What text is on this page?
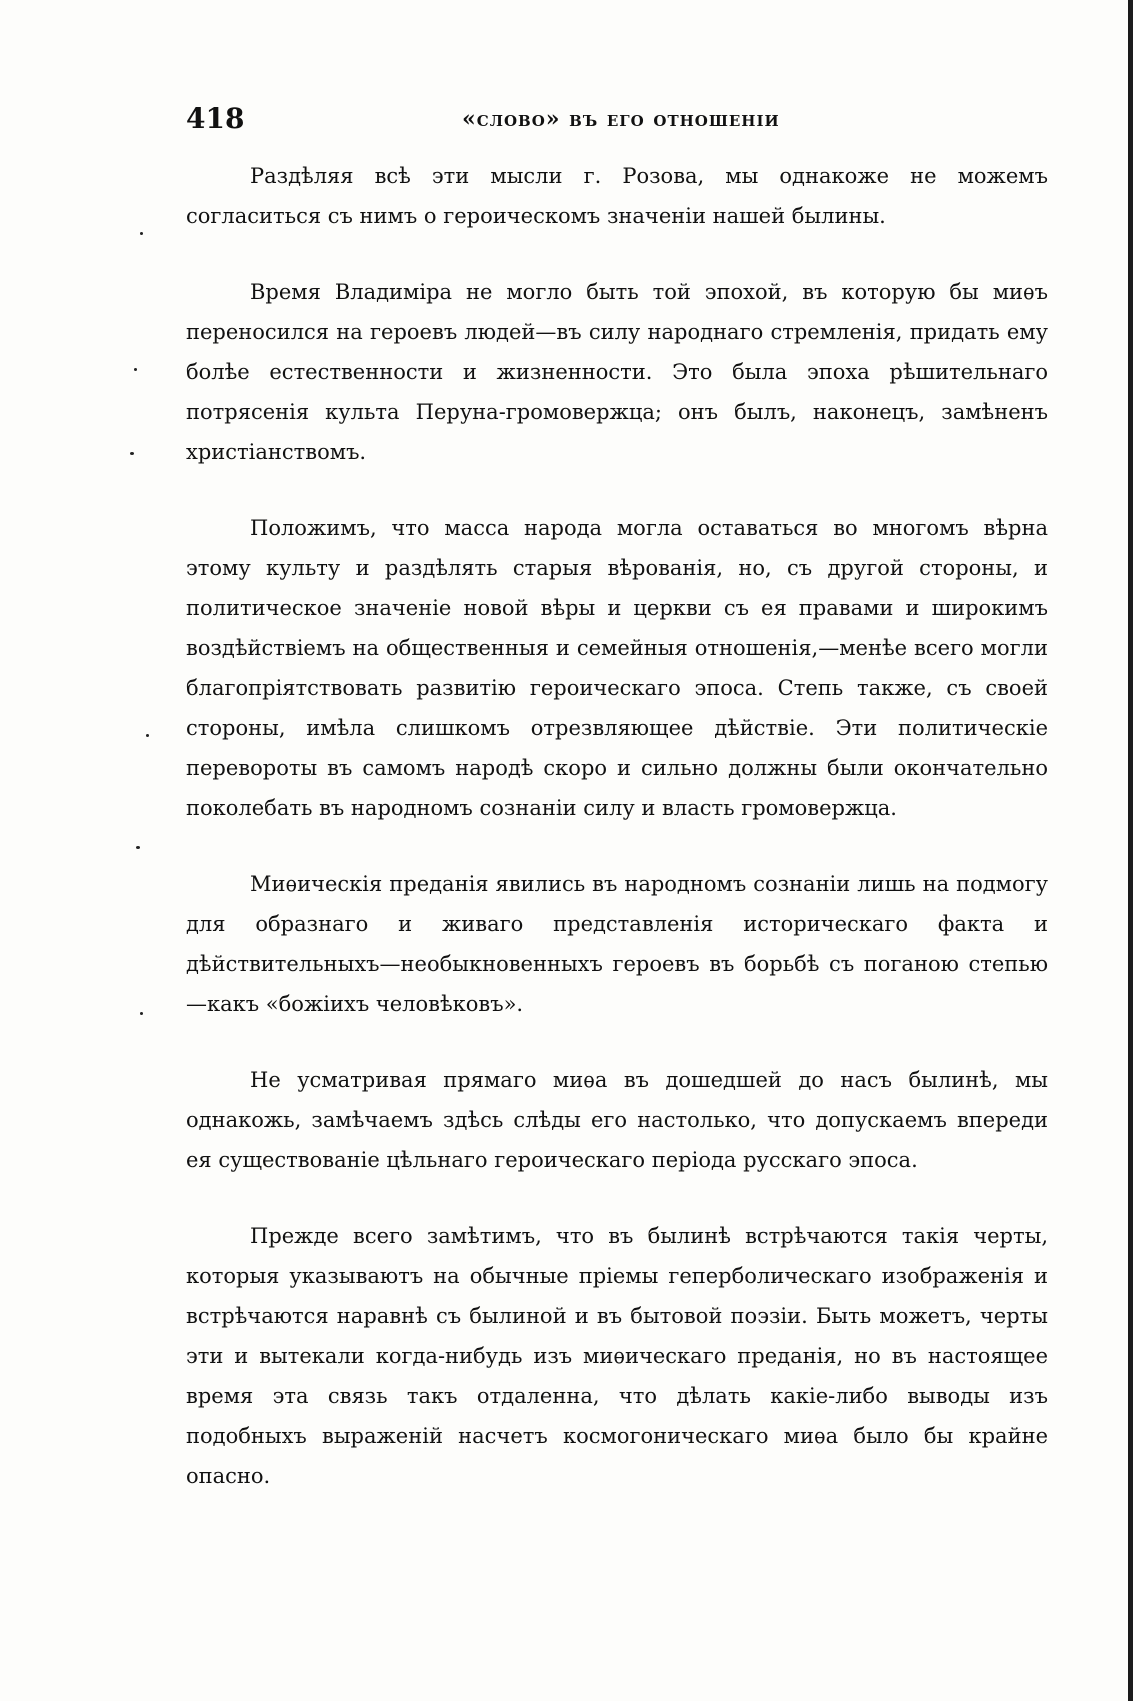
418	«слово» въ его отношеніи

Раздѣляя всѣ эти мысли г. Розова, мы однакоже не можемъ согласиться съ нимъ о героическомъ значеніи нашей былины.

Время Владиміра не могло быть той эпохой, въ которую бы миѳъ переносился на героевъ людей—въ силу народнаго стремленія, придать ему болѣе естественности и жизненности. Это была эпоха рѣшительнаго потрясенія культа Перуна-громовержца; онъ былъ, наконецъ, замѣненъ христіанствомъ.

Положимъ, что масса народа могла оставаться во многомъ вѣрна этому культу и раздѣлять старыя вѣрованія, но, съ другой стороны, и политическое значеніе новой вѣры и церкви съ ея правами и широкимъ воздѣйствіемъ на общественныя и семейныя отношенія,—менѣе всего могли благопріятствовать развитію героическаго эпоса. Степь также, съ своей стороны, имѣла слишкомъ отрезвляющее дѣйствіе. Эти политическіе перевороты въ самомъ народѣ скоро и сильно должны были окончательно поколебать въ народномъ сознаніи силу и власть громовержца.

Миѳическія преданія явились въ народномъ сознаніи лишь на подмогу для образнаго и живаго представленія историческаго факта и дѣйствительныхъ—необыкновенныхъ героевъ въ борьбѣ съ поганою степью—какъ «божіихъ человѣковъ».

Не усматривая прямаго миѳа въ дошедшей до насъ былинѣ, мы однакожь, замѣчаемъ здѣсь слѣды его настолько, что допускаемъ впереди ея существованіе цѣльнаго героическаго періода русскаго эпоса.

Прежде всего замѣтимъ, что въ былинѣ встрѣчаются такія черты, которыя указываютъ на обычные пріемы геперболическаго изображенія и встрѣчаются наравнѣ съ былиной и въ бытовой поэзіи. Быть можетъ, черты эти и вытекали когда-нибудь изъ миѳическаго преданія, но въ настоящее время эта связь такъ отдаленна, что дѣлать какіе-либо выводы изъ подобныхъ выраженій насчетъ космогоническаго миѳа было бы крайне опасно.
